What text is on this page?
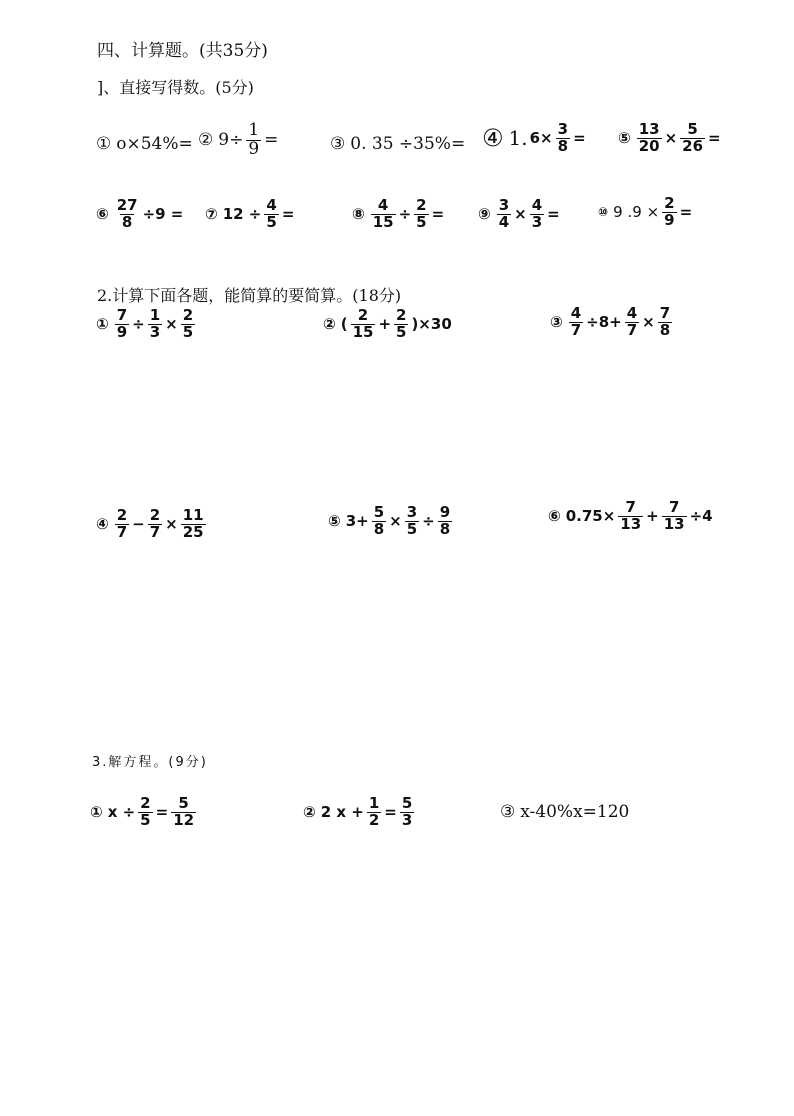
四、计算题。(共35分)
]、直接写得数。(5分)
① o×54%= ② $9\div \frac{1}{9}$ =	③ 0. 35 ÷35%= ④ 1. $6\times \frac{3}{8}$ = ⑤ $\frac{13}{20} \times \frac{5}{26}$ =
⑥ $\frac{27}{8} \div 9$ = ⑦ $12 \div \frac{4}{5}$ =	⑧ $\frac{4}{15} \div \frac{2}{5}$ = ⑨ $\frac{3}{4} \times \frac{4}{3}$ =	⑩ 9 $.9 \times \frac{2}{9}$ =
2.计算下面各题，能简算的要简算。(18分)
① $\frac{7}{9} \div \frac{1}{3} \times \frac{2}{5}$	② ( $\frac{2}{15} + \frac{2}{5} )\times 30$	③ $\frac{4}{7} \div 8+ \frac{4}{7} \times \frac{7}{8}$
④ $\frac{2}{7} - \frac{2}{7} \times \frac{11}{25}$	⑤ $3+ \frac{5}{8} \times \frac{3}{5} \div \frac{9}{8}$	⑥ $0.75\times \frac{7}{13} + \frac{7}{13} \div 4$
3.解方程。(9分)
① $x \div \frac{2}{5} = \frac{5}{12}$	② 2 $x + \frac{1}{2} = \frac{5}{3}$	③ x-40%x=120
